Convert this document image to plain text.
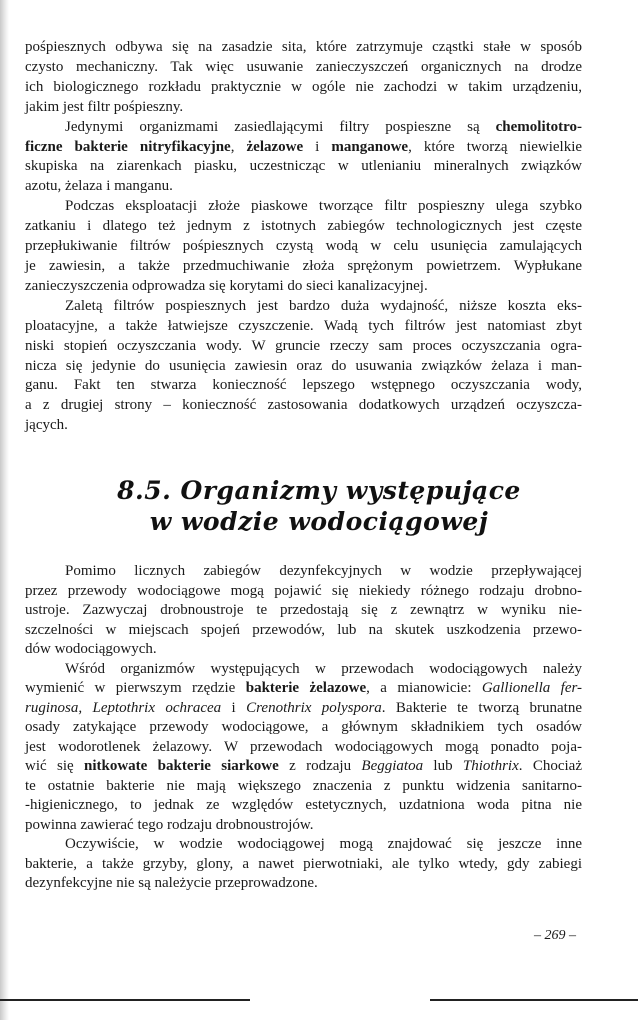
pośpiesznych odbywa się na zasadzie sita, które zatrzymuje cząstki stałe w sposób
czysto mechaniczny. Tak więc usuwanie zanieczyszczeń organicznych na drodze
ich biologicznego rozkładu praktycznie w ogóle nie zachodzi w takim urządzeniu,
jakim jest filtr pośpieszny.
Jedynymi organizmami zasiedlającymi filtry pospieszne są chemolitotro-
ficzne bakterie nitryfikacyjne, żelazowe i manganowe, które tworzą niewielkie
skupiska na ziarenkach piasku, uczestnicząc w utlenianiu mineralnych związków
azotu, żelaza i manganu.
Podczas eksploatacji złoże piaskowe tworzące filtr pospieszny ulega szybko
zatkaniu i dlatego też jednym z istotnych zabiegów technologicznych jest częste
przepłukiwanie filtrów pośpiesznych czystą wodą w celu usunięcia zamulających
je zawiesin, a także przedmuchiwanie złoża sprężonym powietrzem. Wypłukane
zanieczyszczenia odprowadza się korytami do sieci kanalizacyjnej.
Zaletą filtrów pospiesznych jest bardzo duża wydajność, niższe koszta eks-
ploatacyjne, a także łatwiejsze czyszczenie. Wadą tych filtrów jest natomiast zbyt
niski stopień oczyszczania wody. W gruncie rzeczy sam proces oczyszczania ogra-
nicza się jedynie do usunięcia zawiesin oraz do usuwania związków żelaza i man-
ganu. Fakt ten stwarza konieczność lepszego wstępnego oczyszczania wody,
a z drugiej strony – konieczność zastosowania dodatkowych urządzeń oczyszcza-
jących.
8.5. Organizmy występujące
w wodzie wodociągowej
Pomimo licznych zabiegów dezynfekcyjnych w wodzie przepływającej
przez przewody wodociągowe mogą pojawić się niekiedy różnego rodzaju drobno-
ustroje. Zazwyczaj drobnoustroje te przedostają się z zewnątrz w wyniku nie-
szczelności w miejscach spojeń przewodów, lub na skutek uszkodzenia przewo-
dów wodociągowych.
Wśród organizmów występujących w przewodach wodociągowych należy
wymienić w pierwszym rzędzie bakterie żelazowe, a mianowicie: Gallionella fer-
ruginosa, Leptothrix ochracea i Crenothrix polyspora. Bakterie te tworzą brunatne
osady zatykające przewody wodociągowe, a głównym składnikiem tych osadów
jest wodorotlenek żelazowy. W przewodach wodociągowych mogą ponadto poja-
wić się nitkowate bakterie siarkowe z rodzaju Beggiatoa lub Thiothrix. Chociaż
te ostatnie bakterie nie mają większego znaczenia z punktu widzenia sanitarno-
-higienicznego, to jednak ze względów estetycznych, uzdatniona woda pitna nie
powinna zawierać tego rodzaju drobnoustrojów.
Oczywiście, w wodzie wodociągowej mogą znajdować się jeszcze inne
bakterie, a także grzyby, glony, a nawet pierwotniaki, ale tylko wtedy, gdy zabiegi
dezynfekcyjne nie są należycie przeprowadzone.
– 269 –
